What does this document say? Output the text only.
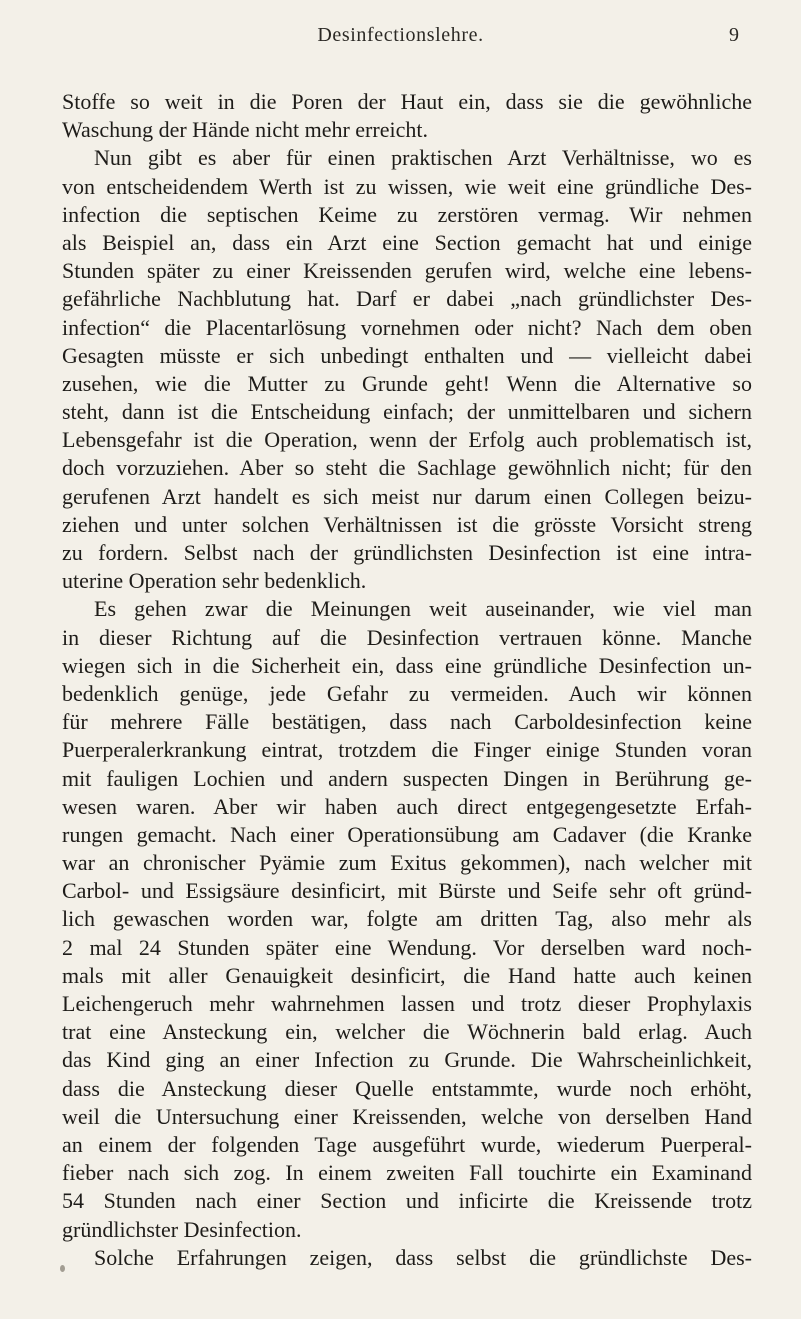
Desinfectionslehre.	9
Stoffe so weit in die Poren der Haut ein, dass sie die gewöhnliche
Waschung der Hände nicht mehr erreicht.
Nun gibt es aber für einen praktischen Arzt Verhältnisse, wo es
von entscheidendem Werth ist zu wissen, wie weit eine gründliche Des-
infection die septischen Keime zu zerstören vermag. Wir nehmen
als Beispiel an, dass ein Arzt eine Section gemacht hat und einige
Stunden später zu einer Kreissenden gerufen wird, welche eine lebens-
gefährliche Nachblutung hat. Darf er dabei „nach gründlichster Des-
infection“ die Placentarlösung vornehmen oder nicht? Nach dem oben
Gesagten müsste er sich unbedingt enthalten und — vielleicht dabei
zusehen, wie die Mutter zu Grunde geht! Wenn die Alternative so
steht, dann ist die Entscheidung einfach; der unmittelbaren und sichern
Lebensgefahr ist die Operation, wenn der Erfolg auch problematisch ist,
doch vorzuziehen. Aber so steht die Sachlage gewöhnlich nicht; für den
gerufenen Arzt handelt es sich meist nur darum einen Collegen beizu-
ziehen und unter solchen Verhältnissen ist die grösste Vorsicht streng
zu fordern. Selbst nach der gründlichsten Desinfection ist eine intra-
uterine Operation sehr bedenklich.
Es gehen zwar die Meinungen weit auseinander, wie viel man
in dieser Richtung auf die Desinfection vertrauen könne. Manche
wiegen sich in die Sicherheit ein, dass eine gründliche Desinfection un-
bedenklich genüge, jede Gefahr zu vermeiden. Auch wir können
für mehrere Fälle bestätigen, dass nach Carboldesinfection keine
Puerperalerkrankung eintrat, trotzdem die Finger einige Stunden voran
mit fauligen Lochien und andern suspecten Dingen in Berührung ge-
wesen waren. Aber wir haben auch direct entgegengesetzte Erfah-
rungen gemacht. Nach einer Operationsübung am Cadaver (die Kranke
war an chronischer Pyämie zum Exitus gekommen), nach welcher mit
Carbol- und Essigsäure desinficirt, mit Bürste und Seife sehr oft gründ-
lich gewaschen worden war, folgte am dritten Tag, also mehr als
2 mal 24 Stunden später eine Wendung. Vor derselben ward noch-
mals mit aller Genauigkeit desinficirt, die Hand hatte auch keinen
Leichengeruch mehr wahrnehmen lassen und trotz dieser Prophylaxis
trat eine Ansteckung ein, welcher die Wöchnerin bald erlag. Auch
das Kind ging an einer Infection zu Grunde. Die Wahrscheinlichkeit,
dass die Ansteckung dieser Quelle entstammte, wurde noch erhöht,
weil die Untersuchung einer Kreissenden, welche von derselben Hand
an einem der folgenden Tage ausgeführt wurde, wiederum Puerperal-
fieber nach sich zog. In einem zweiten Fall touchirte ein Examinand
54 Stunden nach einer Section und inficirte die Kreissende trotz
gründlichster Desinfection.
Solche Erfahrungen zeigen, dass selbst die gründlichste Des-
